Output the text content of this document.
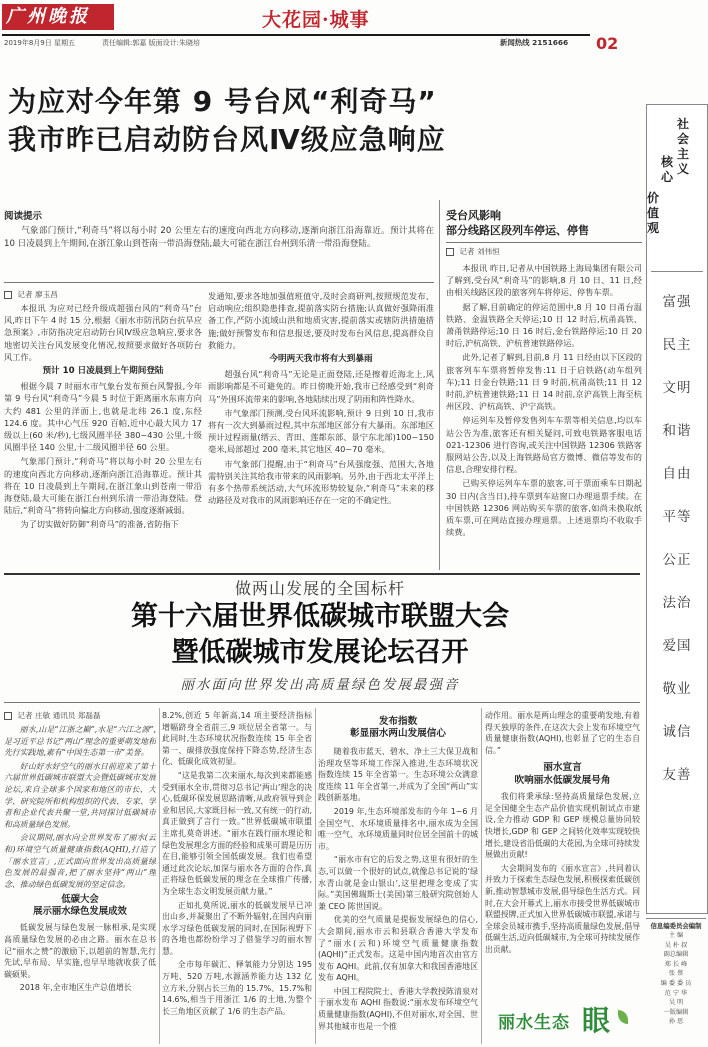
广州晚报	大花园·城事
02
2019年8月9日 星期五	责任编辑:郭嘉 版面设计:朱晓培	新闻热线 2151666
为应对今年第 9 号台风“利奇马”
我市昨已启动防台风Ⅳ级应急响应
阅读提示
气象部门预计,“利奇马”将以每小时 20 公里左右的速度向西北方向移动,逐渐向浙江沿海靠近。预计其将在 10 日凌晨到上午期间,在浙江象山到苍南一带沿海登陆,最大可能在浙江台州到乐清一带沿海登陆。
记者 廖玉昌

本报讯 为应对已经升级成超强台风的“利奇马”台风,昨日下午 4 时 15 分,根据《丽水市防汛防台抗旱应急预案》,市防指决定启动防台风Ⅳ级应急响应,要求各地密切关注台风发展变化情况,按照要求做好各项防台风工作。

预计 10 日凌晨到上午期间登陆

根据今晨 7 时丽水市气象台发布预台风警报,今年第 9 号台风“利奇马”今晨 5 时位于距离丽水东南方向大约 481 公里的洋面上,也就是北纬 26.1 度,东经 124.6 度。其中心气压 920 百帕,近中心最大风力 17 级以上(60 米/秒),七级风圈半径 380~430 公里,十级风圈半径 140 公里,十二级风圈半径 60 公里。

气象部门预计,“利奇马”将以每小时 20 公里左右的速度向西北方向移动,逐渐向浙江沿海靠近。预计其将在 10 日凌晨到上午期间,在浙江象山到苍南一带沿海登陆,最大可能在浙江台州到乐清一带沿海登陆。登陆后,“利奇马”将转向偏北方向移动,强度逐渐减弱。

为了切实做好防御“利奇马”的准备,省防指下

发通知,要求各地加强值班值守,及时会商研判,按照规范发布、启动响应;组织隐患排查,提前落实防台措施;认真做好强降雨准备工作,严防小流域山洪和地质灾害,提前落实或辖防洪措施措施;做好预警发布和信息报送,要及时发布台风信息,提高群众自救能力。

今明两天我市将有大到暴雨

超强台风“利奇马”无论是正面登陆,还是擦着近海北上,风雨影响都是不可避免的。昨日傍晚开始,我市已经感受到“利奇马”外围环流带来的影响,各地陆续出现了阴雨和阵性降水。

市气象部门预测,受台风环流影响,预计 9 日到 10 日,我市将有一次大到暴雨过程,其中东部地区部分有大暴雨。东部地区预计过程雨量(缙云、青田、莲都东部、景宁东北部)100~150 毫米,局部超过 200 毫米,其它地区 40~70 毫米。

市气象部门提醒,由于“利奇马”台风强度强、范围大,各地需特别关注其给我市带来的风雨影响。另外,由于西北太平洋上有多个热带系统活动,大气环流形势较复杂,“利奇马”未来的移动路径及对我市的风雨影响还存在一定的不确定性。

受台风影响
部分线路区段列车停运、停售
记者 刘伟恒

本报讯 昨日,记者从中国铁路上海局集团有限公司了解到,受台风“利奇马”的影响,8 月 10 日、11 日,经由相关线路区段的旅客列车将停运、停售车票。

据了解,目前确定的停运范围中,8 月 10 日甬台温铁路、金温铁路全天停运;10 日 12 时后,杭甬高铁、萧甬铁路停运;10 日 16 时后,金台铁路停运;10 日 20 时后,沪杭高铁、沪杭普速铁路停运。

此外,记者了解到,目前,8 月 11 日经由以下区段的旅客列车车票将暂停发售:11 日于启铁路(动车组列车);11 日金台铁路;11 日 9 时前,杭甬高铁;11 日 12 时前,沪杭普速铁路;11 日 14 时前,京沪高铁上海至杭州区段、沪杭高铁、沪宁高铁。

停运列车及暂停发售列车车票等相关信息,均以车站公告为准,旅客还有相关疑问,可致电铁路客服电话 021-12306 进行咨询,或关注中国铁路 12306 铁路客服网站公告,以及上海铁路局官方微博、微信等发布的信息,合理安排行程。

已购买停运列车车票的旅客,可于票面乘车日期起 30 日内(含当日),持车票到车站窗口办理退票手续。在中国铁路 12306 网站购买车票的旅客,如尚未换取纸质车票,可在网站直接办理退票。上述退票均不收取手续费。

社
会
主
义
核
心
价
值
观
富强
民主
文明
和谐
自由
平等
公正
法治
爱国
敬业
诚信
友善
信息编委员会编制
主 编
吴 朴 叔
副总编辑
郑 长 峰
张 蔡
编 委 委 员
范 宁 华
吴 明
一版编辑
孙 思
做两山发展的全国标杆
第十六届世界低碳城市联盟大会
暨低碳城市发展论坛召开
丽水面向世界发出高质量绿色发展最强音
记者 庄敏 通讯员 郑磊磊

丽水,山是“江浙之巅”,水是“六江之源”,是习近平总书记“两山”理念的重要萌发地和先行实践地,素有“中国生态第一市”美誉。

好山好水好空气的丽水日前迎来了第十六届世界低碳城市联盟大会暨低碳城市发展论坛,来自全球多个国家和地区的市长、大学、研究院所和机构组织的代表、专家、学者和企业代表共聚一堂,共同探讨低碳城市和高质量绿色发展。

会议期间,丽水向全世界发布了丽水(云和)环境空气质量健康指数(AQHI),打造了「丽水宣言」,正式面向世界发出高质量绿色发展的最强音,把了丽水坚持“两山”理念、推动绿色低碳发展的坚定信念。

低碳大会
展示丽水绿色发展成效

低碳发展与绿色发展一脉相承,是实现高质量绿色发展的必由之路。丽水在总书记“丽水之赞”的激励下,以超前的智慧,先行先试,早布局、早实施,也早早地就收获了低碳硕果。

2018 年,全市地区生产总值增长

8.2%,创近 5 年新高,14 项主要经济指标增幅跻身全省前三,9 项位居全省第一。与此同时,生态环境状况指数连续 15 年全省第一、碳排放强度保持下降态势,经济生态化、低碳化成效初显。

“这是我第二次来丽水,每次到来都能感受到丽水全市,贯彻习总书记‘两山’理念的决心,低碳环保发展思路清晰,从政府领导到企业和居民,大家既目标一致,又有统一的行动,真正做到了言行一致。”世界低碳城市联盟主席扎莫奇讲述。“丽水在践行丽水理论和绿色发展理念方面的经验和成果可谓是历历在目,能够引领全国低碳发展。我们也希望通过此次论坛,加深与丽水各方面的合作,真正将绿色低碳发展的理念在全球推广传播,为全球生态文明发展贡献力量。”

正如扎莫所说,丽水的低碳发展早已冲出山乡,并凝聚出了不断外辐射,在国内向丽水学习绿色低碳发展的同时,在国际视野下的各地也都纷纷学习了借鉴学习的丽水智慧。

全市每年碳汇、释氧能力分别达 195 万吨、520 万吨,水源涵养能力达 132 亿立方米,分别占长三角的 15.7%、15.7%和 14.6%,相当于用浙江 1/6 的土地,为整个长三角地区贡献了 1/6 的生态产品。

发布指数
彰显丽水两山发展信心

随着我市蓝天、碧水、净土三大保卫战和治理攻坚等环境工作深入推进,生态环境状况指数连续 15 年全省第一。生态环境公众满意度连续 11 年全省第一,并成为了全国“两山”实践创新基地。

2019 年,生态环境部发布的今年 1~6 月全国空气、水环境质量排名中,丽水成为全国唯一空气、水环境质量同时位居全国前十的城市。

“丽水市有它的后发之势,这里有很好的生态,可以做一个很好的试点,就像总书记说的‘绿水青山就是金山银山’,这里把理念变成了实际。”美国佛瑞斯士(美国)第三般研究院创始人兼 CEO 陈世国说。

优美的空气质量是提振发展绿色的信心,大会期间,丽水市云和县联合香港大学发布了“丽水(云和)环境空气质量健康指数(AQHI)”正式发布。这是中国内地首次由官方发布 AQHI。此前,仅有加拿大和我国香港地区发布 AQHI。

中国工程院院士、香港大学教授陈清泉对于丽水发布 AQHI 指数说:“丽水发布环境空气质量健康指数(AQHI),不但对丽水,对全国、世界其他城市也是一个推

动作用。丽水是两山理念的重要萌发地,有着得天独厚的条件,在这次大会上发布环境空气质量健康指数(AQHI),也彰显了它的生态自信。”

丽水宣言
吹响丽水低碳发展号角

我们将秉承绿:坚持高质量绿色发展,立足全国健全生态产品价值实现机制试点市建设,全力推动 GDP 和 GEP 规模总量协同较快增长,GDP 和 GEP 之间转化效率实现较快增长,建设省沿低碳的大花园,为全球可持续发展做出贡献!

大会期间发布的《丽水宣言》,共同着认并致力于探索生态绿色发展,积极探索低碳创新,推动智慧城市发展,倡导绿色生活方式。同时,在大会开幕式上,丽水市接受世界低碳城市联盟授牌,正式加入世界低碳城市联盟,承诺与全球会员城市携手,坚持高质量绿色发展,倡导低碳生活,迈向低碳城市,为全球可持续发展作出贡献。

丽水生态 眼
